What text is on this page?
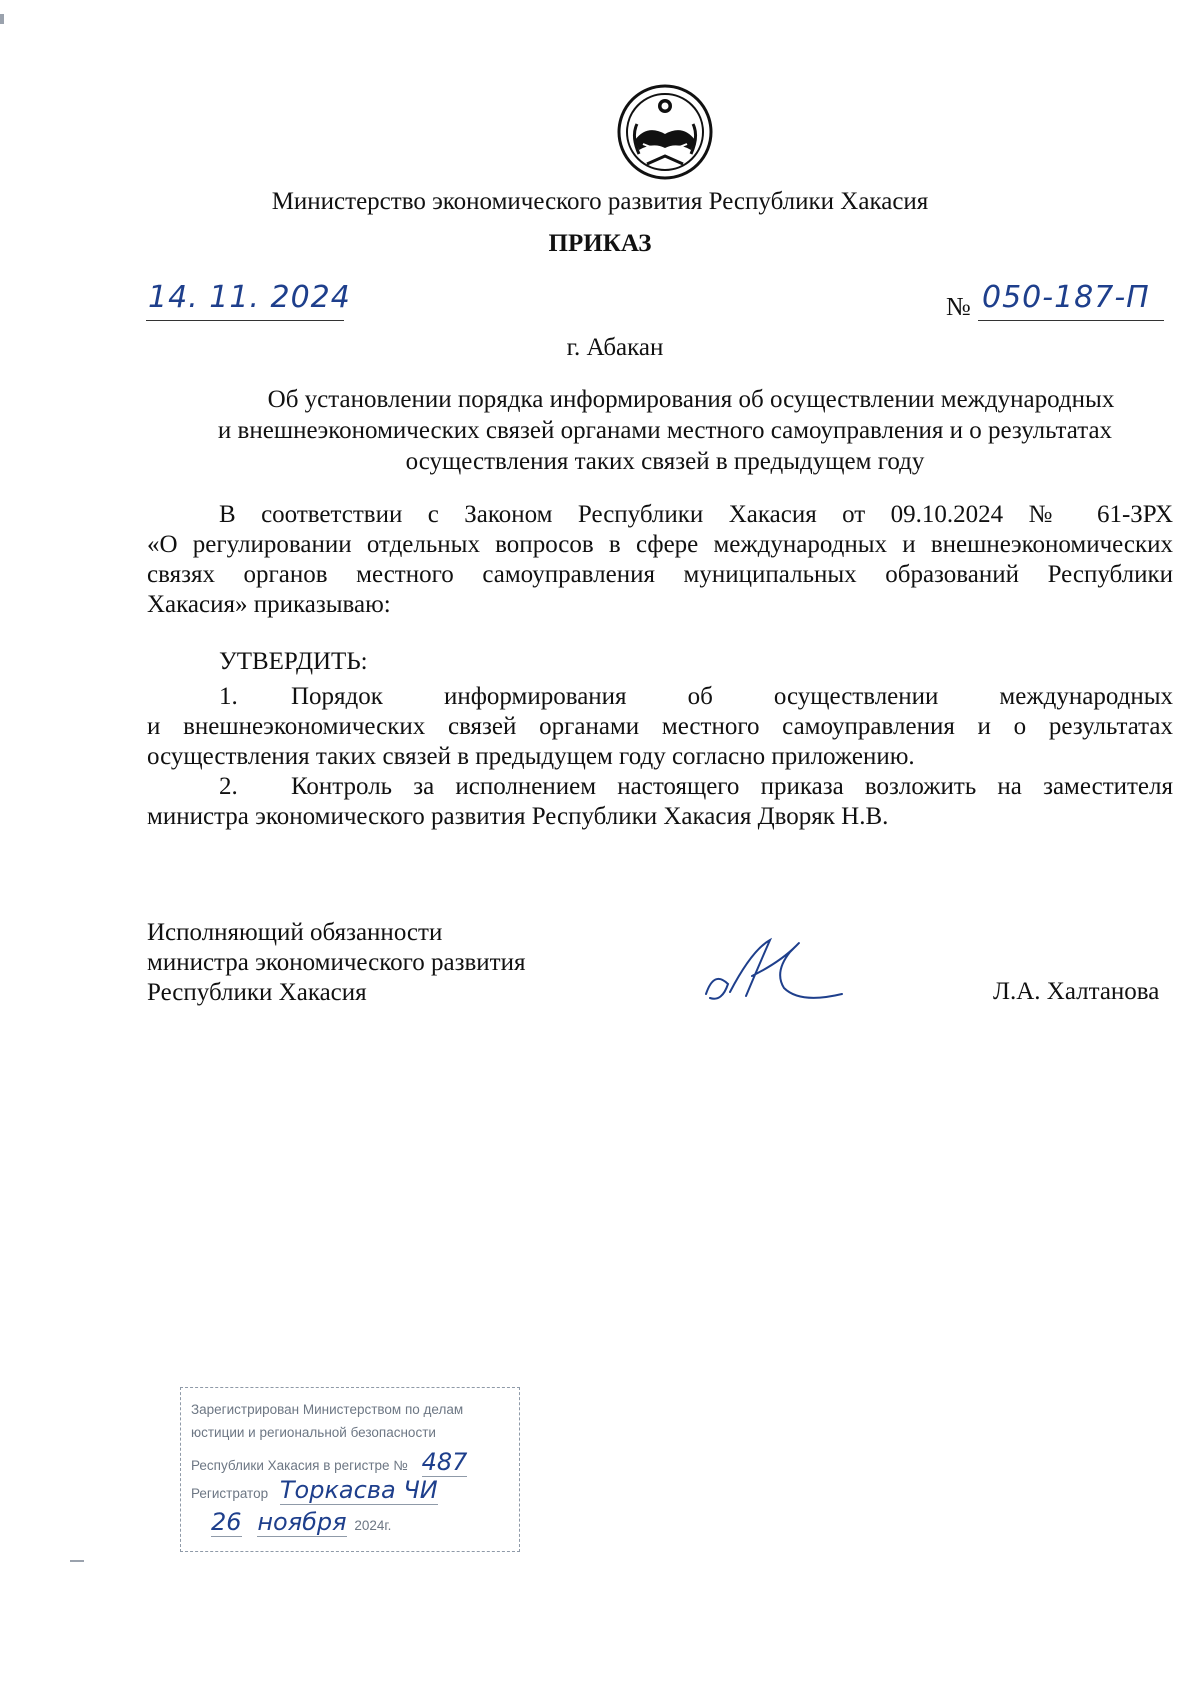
Министерство экономического развития Республики Хакасия
ПРИКАЗ
14. 11. 2024	№ 050-187-П
г. Абакан
Об установлении порядка информирования об осуществлении международных
и внешнеэкономических связей органами местного самоуправления и о результатах
осуществления таких связей в предыдущем году
В соответствии с Законом Республики Хакасия от 09.10.2024 № 61-ЗРХ
«О регулировании отдельных вопросов в сфере международных и внешнеэкономических
связях органов местного самоуправления муниципальных образований Республики
Хакасия» приказываю:
УТВЕРДИТЬ:
1. Порядок информирования об осуществлении международных
и внешнеэкономических связей органами местного самоуправления и о результатах
осуществления таких связей в предыдущем году согласно приложению.
2. Контроль за исполнением настоящего приказа возложить на заместителя
министра экономического развития Республики Хакасия Дворяк Н.В.
Исполняющий обязанности
министра экономического развития
Республики Хакасия	Л.А. Халтанова
Зарегистрирован Министерством по делам
юстиции и региональной безопасности
Республики Хакасия в регистре № 487
Регистратор Торкасва ЧИ
26 ноября 2024г.
